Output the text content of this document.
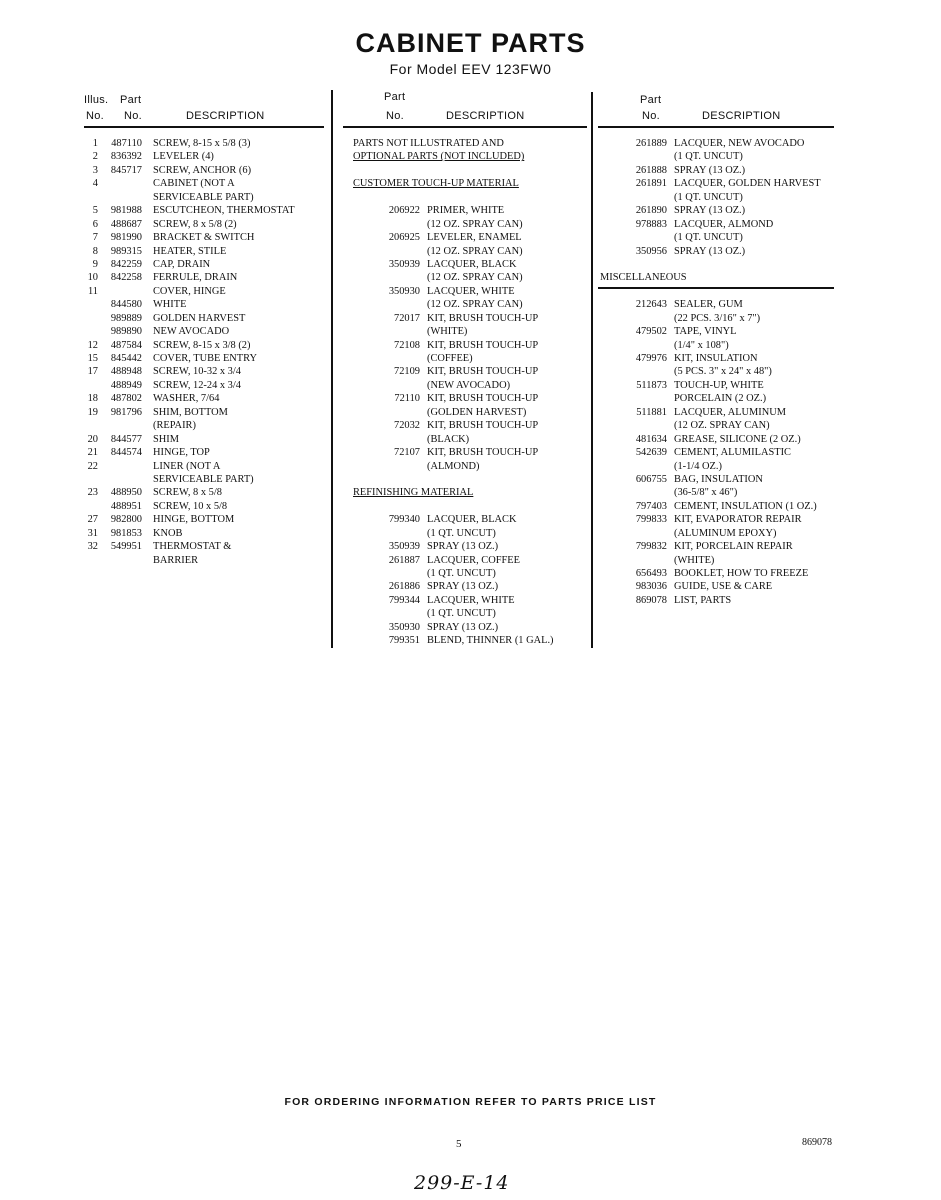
CABINET PARTS
For Model EEV 123FW0
Illus. Part
No. No.	DESCRIPTION
Part
No.	DESCRIPTION
Part
No.	DESCRIPTION
1	487110 SCREW, 8-15 x 5/8 (3)
2	836392 LEVELER (4)
3	845717 SCREW, ANCHOR (6)
4	CABINET (NOT A
SERVICEABLE PART)
5	981988 ESCUTCHEON, THERMOSTAT
6	488687 SCREW, 8 x 5/8 (2)
7	981990 BRACKET & SWITCH
8	989315 HEATER, STILE
9	842259 CAP, DRAIN
10	842258 FERRULE, DRAIN
11	COVER, HINGE
844580 WHITE
989889 GOLDEN HARVEST
989890 NEW AVOCADO
12	487584 SCREW, 8-15 x 3/8 (2)
15	845442 COVER, TUBE ENTRY
17	488948 SCREW, 10-32 x 3/4
488949 SCREW, 12-24 x 3/4
18	487802 WASHER, 7/64
19	981796 SHIM, BOTTOM
(REPAIR)
20	844577 SHIM
21	844574 HINGE, TOP
22	LINER (NOT A
SERVICEABLE PART)
23	488950 SCREW, 8 x 5/8
488951 SCREW, 10 x 5/8
27	982800 HINGE, BOTTOM
31	981853 KNOB
32	549951 THERMOSTAT &
BARRIER
PARTS NOT ILLUSTRATED AND
OPTIONAL PARTS (NOT INCLUDED)
CUSTOMER TOUCH-UP MATERIAL
206922 PRIMER, WHITE
(12 OZ. SPRAY CAN)
206925 LEVELER, ENAMEL
(12 OZ. SPRAY CAN)
350939 LACQUER, BLACK
(12 OZ. SPRAY CAN)
350930 LACQUER, WHITE
(12 OZ. SPRAY CAN)
72017 KIT, BRUSH TOUCH-UP
(WHITE)
72108 KIT, BRUSH TOUCH-UP
(COFFEE)
72109 KIT, BRUSH TOUCH-UP
(NEW AVOCADO)
72110 KIT, BRUSH TOUCH-UP
(GOLDEN HARVEST)
72032 KIT, BRUSH TOUCH-UP
(BLACK)
72107 KIT, BRUSH TOUCH-UP
(ALMOND)
REFINISHING MATERIAL
799340 LACQUER, BLACK
(1 QT. UNCUT)
350939 SPRAY (13 OZ.)
261887 LACQUER, COFFEE
(1 QT. UNCUT)
261886 SPRAY (13 OZ.)
799344 LACQUER, WHITE
(1 QT. UNCUT)
350930 SPRAY (13 OZ.)
799351 BLEND, THINNER (1 GAL.)
261889 LACQUER, NEW AVOCADO
(1 QT. UNCUT)
261888 SPRAY (13 OZ.)
261891 LACQUER, GOLDEN HARVEST
(1 QT. UNCUT)
261890 SPRAY (13 OZ.)
978883 LACQUER, ALMOND
(1 QT. UNCUT)
350956 SPRAY (13 OZ.)
MISCELLANEOUS
212643 SEALER, GUM
(22 PCS. 3/16" x 7")
479502 TAPE, VINYL
(1/4" x 108")
479976 KIT, INSULATION
(5 PCS. 3" x 24" x 48")
511873 TOUCH-UP, WHITE
PORCELAIN (2 OZ.)
511881 LACQUER, ALUMINUM
(12 OZ. SPRAY CAN)
481634 GREASE, SILICONE (2 OZ.)
542639 CEMENT, ALUMILASTIC
(1-1/4 OZ.)
606755 BAG, INSULATION
(36-5/8" x 46")
797403 CEMENT, INSULATION (1 OZ.)
799833 KIT, EVAPORATOR REPAIR
(ALUMINUM EPOXY)
799832 KIT, PORCELAIN REPAIR
(WHITE)
656493 BOOKLET, HOW TO FREEZE
983036 GUIDE, USE & CARE
869078 LIST, PARTS
FOR ORDERING INFORMATION REFER TO PARTS PRICE LIST
5	869078
299-E-14
